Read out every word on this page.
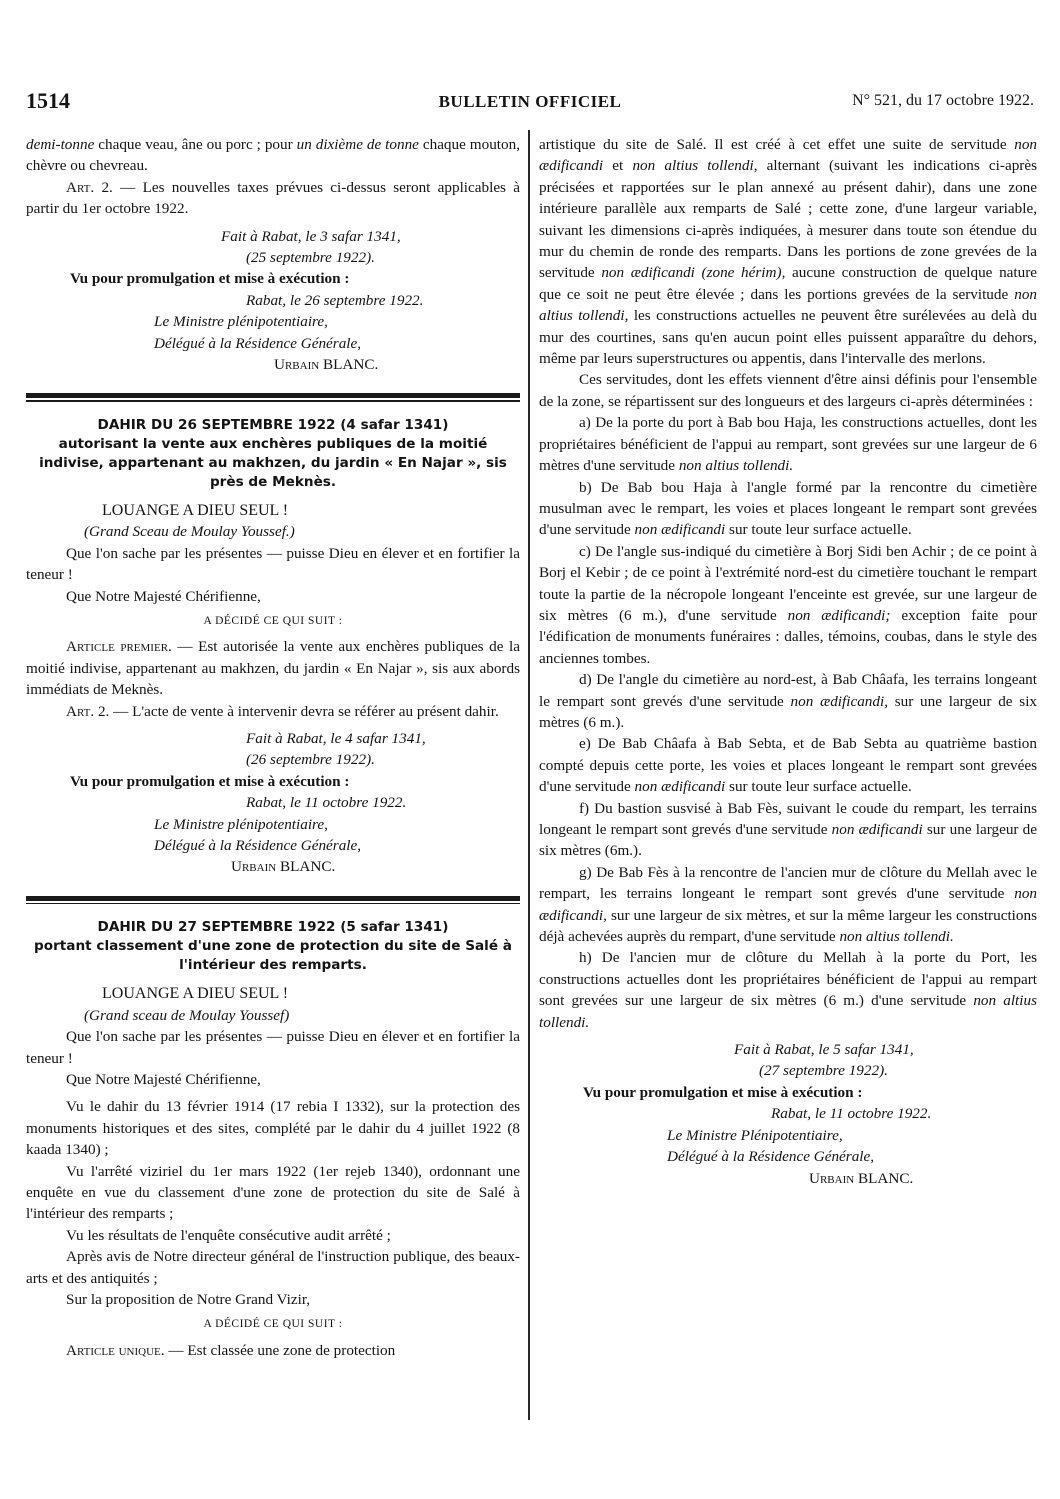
1514	BULLETIN OFFICIEL	N° 521, du 17 octobre 1922.

demi-tonne chaque veau, âne ou porc ; pour un dixième de tonne chaque mouton, chèvre ou chevreau.

Art. 2. — Les nouvelles taxes prévues ci-dessus seront applicables à partir du 1er octobre 1922.

Fait à Rabat, le 3 safar 1341,

(25 septembre 1922).

Vu pour promulgation et mise à exécution :

Rabat, le 26 septembre 1922.

Le Ministre plénipotentiaire,

Délégué à la Résidence Générale,

Urbain BLANC.

DAHIR DU 26 SEPTEMBRE 1922 (4 safar 1341)

autorisant la vente aux enchères publiques de la moitié indivise, appartenant au makhzen, du jardin « En Najar », sis près de Meknès.

LOUANGE A DIEU SEUL !

(Grand Sceau de Moulay Youssef.)

Que l'on sache par les présentes — puisse Dieu en élever et en fortifier la teneur !

Que Notre Majesté Chérifienne,

A DÉCIDÉ CE QUI SUIT :

Article premier. — Est autorisée la vente aux enchères publiques de la moitié indivise, appartenant au makhzen, du jardin « En Najar », sis aux abords immédiats de Meknès.

Art. 2. — L'acte de vente à intervenir devra se référer au présent dahir.

Fait à Rabat, le 4 safar 1341,

(26 septembre 1922).

Vu pour promulgation et mise à exécution :

Rabat, le 11 octobre 1922.

Le Ministre plénipotentiaire,

Délégué à la Résidence Générale,

Urbain BLANC.

DAHIR DU 27 SEPTEMBRE 1922 (5 safar 1341)

portant classement d'une zone de protection du site de Salé à l'intérieur des remparts.

LOUANGE A DIEU SEUL !

(Grand sceau de Moulay Youssef)

Que l'on sache par les présentes — puisse Dieu en élever et en fortifier la teneur !

Que Notre Majesté Chérifienne,

Vu le dahir du 13 février 1914 (17 rebia I 1332), sur la protection des monuments historiques et des sites, complété par le dahir du 4 juillet 1922 (8 kaada 1340) ;

Vu l'arrêté viziriel du 1er mars 1922 (1er rejeb 1340), ordonnant une enquête en vue du classement d'une zone de protection du site de Salé à l'intérieur des remparts ;

Vu les résultats de l'enquête consécutive audit arrêté ;

Après avis de Notre directeur général de l'instruction publique, des beaux-arts et des antiquités ;

Sur la proposition de Notre Grand Vizir,

A DÉCIDÉ CE QUI SUIT :

Article unique. — Est classée une zone de protection

artistique du site de Salé. Il est créé à cet effet une suite de servitude non ædificandi et non altius tollendi, alternant (suivant les indications ci-après précisées et rapportées sur le plan annexé au présent dahir), dans une zone intérieure parallèle aux remparts de Salé ; cette zone, d'une largeur variable, suivant les dimensions ci-après indiquées, à mesurer dans toute son étendue du mur du chemin de ronde des remparts. Dans les portions de zone grevées de la servitude non ædificandi (zone hérim), aucune construction de quelque nature que ce soit ne peut être élevée ; dans les portions grevées de la servitude non altius tollendi, les constructions actuelles ne peuvent être surélevées au delà du mur des courtines, sans qu'en aucun point elles puissent apparaître du dehors, même par leurs superstructures ou appentis, dans l'intervalle des merlons.

Ces servitudes, dont les effets viennent d'être ainsi définis pour l'ensemble de la zone, se répartissent sur des longueurs et des largeurs ci-après déterminées :

a) De la porte du port à Bab bou Haja, les constructions actuelles, dont les propriétaires bénéficient de l'appui au rempart, sont grevées sur une largeur de 6 mètres d'une servitude non altius tollendi.

b) De Bab bou Haja à l'angle formé par la rencontre du cimetière musulman avec le rempart, les voies et places longeant le rempart sont grevées d'une servitude non ædificandi sur toute leur surface actuelle.

c) De l'angle sus-indiqué du cimetière à Borj Sidi ben Achir ; de ce point à Borj el Kebir ; de ce point à l'extrémité nord-est du cimetière touchant le rempart toute la partie de la nécropole longeant l'enceinte est grevée, sur une largeur de six mètres (6 m.), d'une servitude non ædificandi; exception faite pour l'édification de monuments funéraires : dalles, témoins, coubas, dans le style des anciennes tombes.

d) De l'angle du cimetière au nord-est, à Bab Châafa, les terrains longeant le rempart sont grevés d'une servitude non ædificandi, sur une largeur de six mètres (6 m.).

e) De Bab Châafa à Bab Sebta, et de Bab Sebta au quatrième bastion compté depuis cette porte, les voies et places longeant le rempart sont grevées d'une servitude non ædificandi sur toute leur surface actuelle.

f) Du bastion susvisé à Bab Fès, suivant le coude du rempart, les terrains longeant le rempart sont grevés d'une servitude non ædificandi sur une largeur de six mètres (6m.).

g) De Bab Fès à la rencontre de l'ancien mur de clôture du Mellah avec le rempart, les terrains longeant le rempart sont grevés d'une servitude non ædificandi, sur une largeur de six mètres, et sur la même largeur les constructions déjà achevées auprès du rempart, d'une servitude non altius tollendi.

h) De l'ancien mur de clôture du Mellah à la porte du Port, les constructions actuelles dont les propriétaires bénéficient de l'appui au rempart sont grevées sur une largeur de six mètres (6 m.) d'une servitude non altius tollendi.

Fait à Rabat, le 5 safar 1341,

(27 septembre 1922).

Vu pour promulgation et mise à exécution :

Rabat, le 11 octobre 1922.

Le Ministre Plénipotentiaire,

Délégué à la Résidence Générale,

Urbain BLANC.
